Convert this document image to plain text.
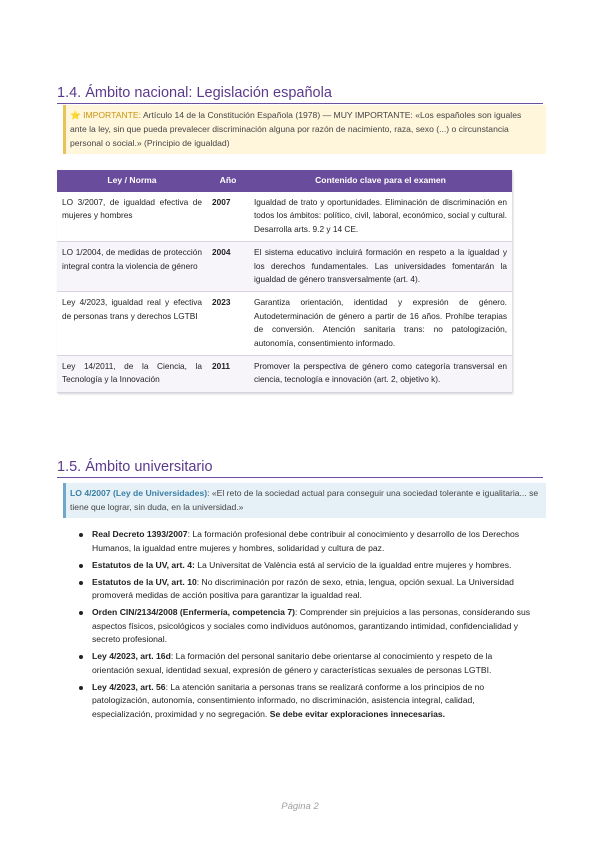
1.4. Ámbito nacional: Legislación española
⭐ IMPORTANTE: Artículo 14 de la Constitución Española (1978) — MUY IMPORTANTE: «Los españoles son iguales ante la ley, sin que pueda prevalecer discriminación alguna por razón de nacimiento, raza, sexo (...) o circunstancia personal o social.» (Principio de igualdad)
Ley / Norma	Año	Contenido clave para el examen
LO 3/2007, de igualdad efectiva de mujeres y hombres	2007	Igualdad de trato y oportunidades. Eliminación de discriminación en todos los ámbitos: político, civil, laboral, económico, social y cultural. Desarrolla arts. 9.2 y 14 CE.
LO 1/2004, de medidas de protección integral contra la violencia de género	2004	El sistema educativo incluirá formación en respeto a la igualdad y los derechos fundamentales. Las universidades fomentarán la igualdad de género transversalmente (art. 4).
Ley 4/2023, igualdad real y efectiva de personas trans y derechos LGTBI	2023	Garantiza orientación, identidad y expresión de género. Autodeterminación de género a partir de 16 años. Prohíbe terapias de conversión. Atención sanitaria trans: no patologización, autonomía, consentimiento informado.
Ley 14/2011, de la Ciencia, la Tecnología y la Innovación	2011	Promover la perspectiva de género como categoría transversal en ciencia, tecnología e innovación (art. 2, objetivo k).
1.5. Ámbito universitario
LO 4/2007 (Ley de Universidades): «El reto de la sociedad actual para conseguir una sociedad tolerante e igualitaria... se tiene que lograr, sin duda, en la universidad.»
Real Decreto 1393/2007: La formación profesional debe contribuir al conocimiento y desarrollo de los Derechos Humanos, la igualdad entre mujeres y hombres, solidaridad y cultura de paz.
Estatutos de la UV, art. 4: La Universitat de València está al servicio de la igualdad entre mujeres y hombres.
Estatutos de la UV, art. 10: No discriminación por razón de sexo, etnia, lengua, opción sexual. La Universidad promoverá medidas de acción positiva para garantizar la igualdad real.
Orden CIN/2134/2008 (Enfermería, competencia 7): Comprender sin prejuicios a las personas, considerando sus aspectos físicos, psicológicos y sociales como individuos autónomos, garantizando intimidad, confidencialidad y secreto profesional.
Ley 4/2023, art. 16d: La formación del personal sanitario debe orientarse al conocimiento y respeto de la orientación sexual, identidad sexual, expresión de género y características sexuales de personas LGTBI.
Ley 4/2023, art. 56: La atención sanitaria a personas trans se realizará conforme a los principios de no patologización, autonomía, consentimiento informado, no discriminación, asistencia integral, calidad, especialización, proximidad y no segregación. Se debe evitar exploraciones innecesarias.
Página 2
